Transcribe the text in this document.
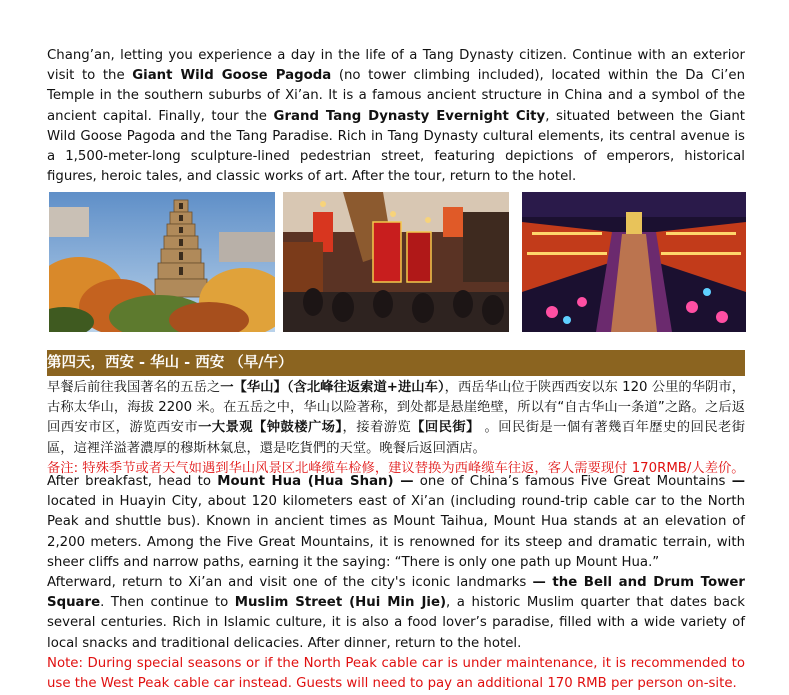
Chang’an, letting you experience a day in the life of a Tang Dynasty citizen. Continue with an exterior visit to the Giant Wild Goose Pagoda (no tower climbing included), located within the Da Ci’en Temple in the southern suburbs of Xi’an. It is a famous ancient structure in China and a symbol of the ancient capital. Finally, tour the Grand Tang Dynasty Evernight City, situated between the Giant Wild Goose Pagoda and the Tang Paradise. Rich in Tang Dynasty cultural elements, its central avenue is a 1,500-meter-long sculpture-lined pedestrian street, featuring depictions of emperors, historical figures, heroic tales, and classic works of art. After the tour, return to the hotel.

第四天，西安 - 华山 - 西安 （早/午）

早餐后前往我国著名的五岳之一【华山】（含北峰往返索道+进山车），西岳华山位于陕西西安以东 120 公里的华阴市，古称太华山，海拔 2200 米。在五岳之中，华山以险著称，到处都是悬崖绝壁，所以有“自古华山一条道”之路。之后返回西安市区，游览西安市一大景观【钟鼓楼广场】，接着游览【回民街】 。回民街是一個有著幾百年歷史的回民老街區，這裡洋溢著濃厚的穆斯林氣息，還是吃貨們的天堂。晚餐后返回酒店。
备注: 特殊季节或者天气如遇到华山风景区北峰缆车检修，建议替换为西峰缆车往返，客人需要现付 170RMB/人差价。

After breakfast, head to Mount Hua (Hua Shan) — one of China’s famous Five Great Mountains — located in Huayin City, about 120 kilometers east of Xi’an (including round-trip cable car to the North Peak and shuttle bus). Known in ancient times as Mount Taihua, Mount Hua stands at an elevation of 2,200 meters. Among the Five Great Mountains, it is renowned for its steep and dramatic terrain, with sheer cliffs and narrow paths, earning it the saying: “There is only one path up Mount Hua.”

Afterward, return to Xi’an and visit one of the city's iconic landmarks — the Bell and Drum Tower Square. Then continue to Muslim Street (Hui Min Jie), a historic Muslim quarter that dates back several centuries. Rich in Islamic culture, it is also a food lover’s paradise, filled with a wide variety of local snacks and traditional delicacies. After dinner, return to the hotel.

Note: During special seasons or if the North Peak cable car is under maintenance, it is recommended to use the West Peak cable car instead. Guests will need to pay an additional 170 RMB per person on-site.
